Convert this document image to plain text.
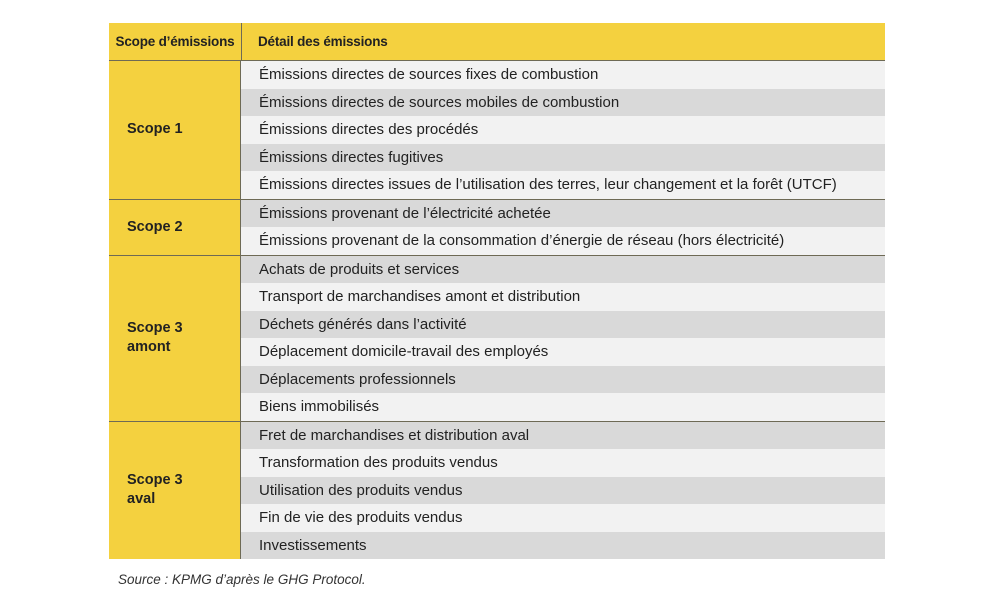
Scope d’émissions	Détail des émissions
Scope 1
Émissions directes de sources fixes de combustion
Émissions directes de sources mobiles de combustion
Émissions directes des procédés
Émissions directes fugitives
Émissions directes issues de l’utilisation des terres, leur changement et la forêt (UTCF)
Scope 2
Émissions provenant de l’électricité achetée
Émissions provenant de la consommation d’énergie de réseau (hors électricité)
Scope 3
amont
Achats de produits et services
Transport de marchandises amont et distribution
Déchets générés dans l’activité
Déplacement domicile-travail des employés
Déplacements professionnels
Biens immobilisés
Scope 3
aval
Fret de marchandises et distribution aval
Transformation des produits vendus
Utilisation des produits vendus
Fin de vie des produits vendus
Investissements
Source : KPMG d’après le GHG Protocol.
